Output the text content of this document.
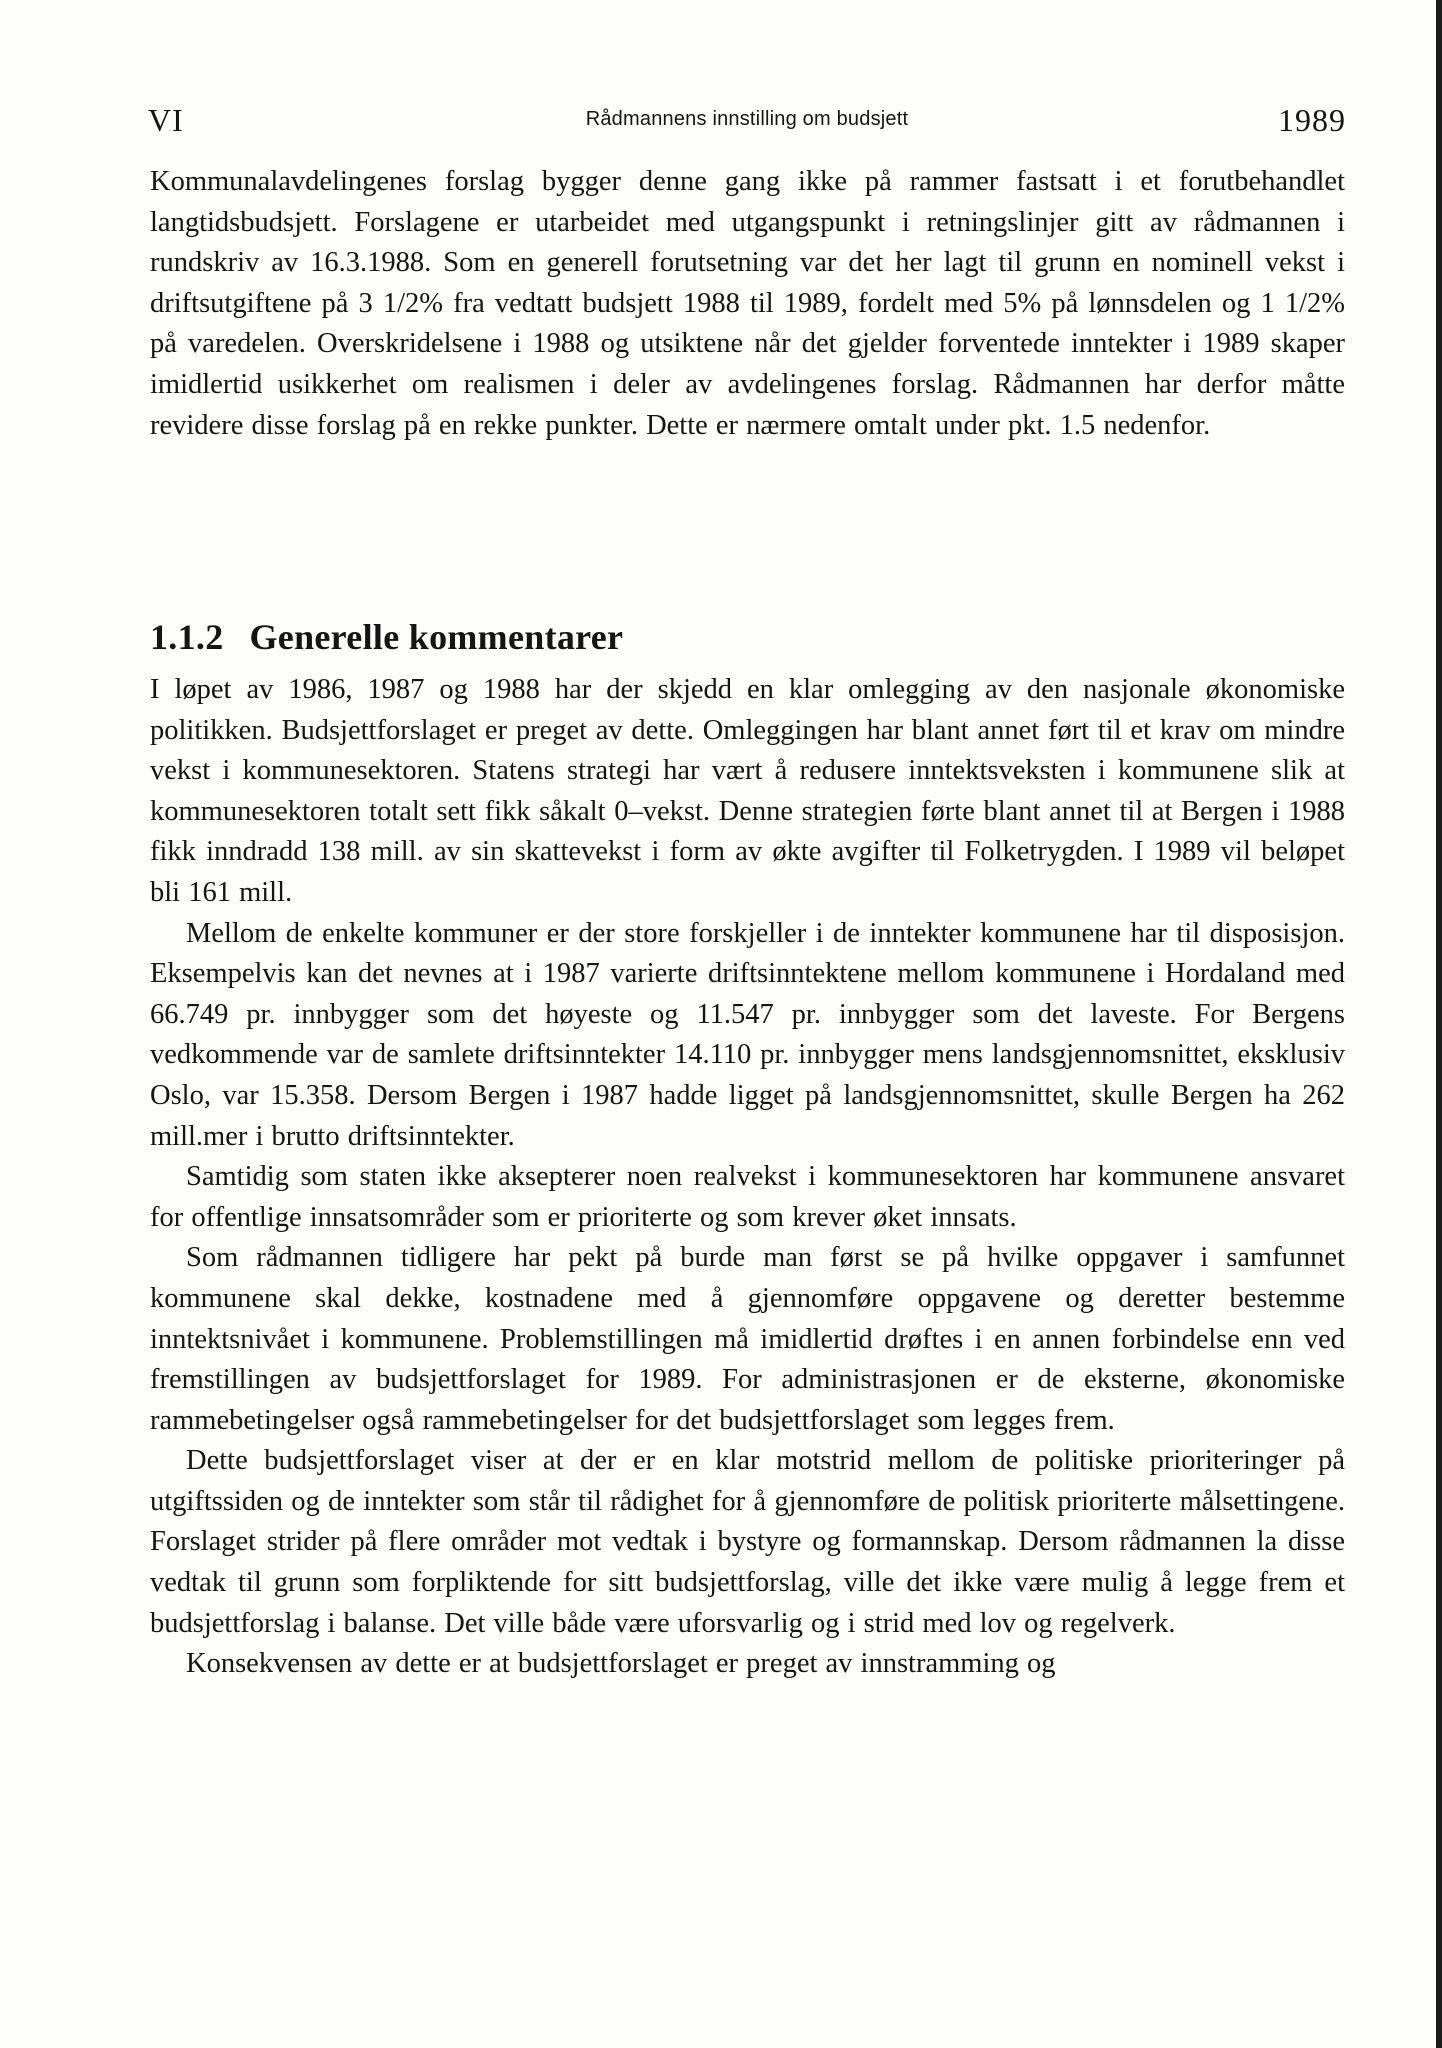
VI	Rådmannens innstilling om budsjett	1989

Kommunalavdelingenes forslag bygger denne gang ikke på rammer fastsatt i et forutbehandlet langtidsbudsjett. Forslagene er utarbeidet med utgangspunkt i retningslinjer gitt av rådmannen i rundskriv av 16.3.1988. Som en generell forutsetning var det her lagt til grunn en nominell vekst i driftsutgiftene på 3 1/2% fra vedtatt budsjett 1988 til 1989, fordelt med 5% på lønnsdelen og 1 1/2% på varedelen. Overskridelsene i 1988 og utsiktene når det gjelder forventede inntekter i 1989 skaper imidlertid usikkerhet om realismen i deler av avdelingenes forslag. Rådmannen har derfor måtte revidere disse forslag på en rekke punkter. Dette er nærmere omtalt under pkt. 1.5 nedenfor.

1.1.2 Generelle kommentarer

I løpet av 1986, 1987 og 1988 har der skjedd en klar omlegging av den nasjonale økonomiske politikken. Budsjettforslaget er preget av dette. Omleggingen har blant annet ført til et krav om mindre vekst i kommunesektoren. Statens strategi har vært å redusere inntektsveksten i kommunene slik at kommunesektoren totalt sett fikk såkalt 0–vekst. Denne strategien førte blant annet til at Bergen i 1988 fikk inndradd 138 mill. av sin skattevekst i form av økte avgifter til Folketrygden. I 1989 vil beløpet bli 161 mill.

Mellom de enkelte kommuner er der store forskjeller i de inntekter kommunene har til disposisjon. Eksempelvis kan det nevnes at i 1987 varierte driftsinntektene mellom kommunene i Hordaland med 66.749 pr. innbygger som det høyeste og 11.547 pr. innbygger som det laveste. For Bergens vedkommende var de samlete driftsinntekter 14.110 pr. innbygger mens landsgjennomsnittet, eksklusiv Oslo, var 15.358. Dersom Bergen i 1987 hadde ligget på landsgjennomsnittet, skulle Bergen ha 262 mill.mer i brutto driftsinntekter.

Samtidig som staten ikke aksepterer noen realvekst i kommunesektoren har kommunene ansvaret for offentlige innsatsområder som er prioriterte og som krever øket innsats.

Som rådmannen tidligere har pekt på burde man først se på hvilke oppgaver i samfunnet kommunene skal dekke, kostnadene med å gjennomføre oppgavene og deretter bestemme inntektsnivået i kommunene. Problemstillingen må imidlertid drøftes i en annen forbindelse enn ved fremstillingen av budsjettforslaget for 1989. For administrasjonen er de eksterne, økonomiske rammebetingelser også rammebetingelser for det budsjettforslaget som legges frem.

Dette budsjettforslaget viser at der er en klar motstrid mellom de politiske prioriteringer på utgiftssiden og de inntekter som står til rådighet for å gjennomføre de politisk prioriterte målsettingene. Forslaget strider på flere områder mot vedtak i bystyre og formannskap. Dersom rådmannen la disse vedtak til grunn som forpliktende for sitt budsjettforslag, ville det ikke være mulig å legge frem et budsjettforslag i balanse. Det ville både være uforsvarlig og i strid med lov og regelverk.

Konsekvensen av dette er at budsjettforslaget er preget av innstramming og
